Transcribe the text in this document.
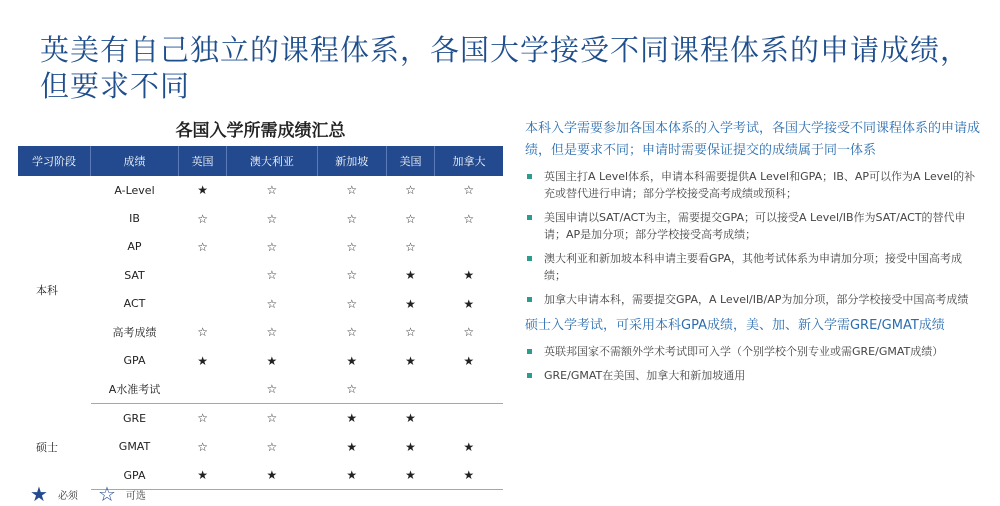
英美有自己独立的课程体系，各国大学接受不同课程体系的申请成绩，但要求不同
各国入学所需成绩汇总
学习阶段	成绩	英国	澳大利亚	新加坡	美国	加拿大
本科	A-Level	★	☆	☆	☆	☆
	IB	☆	☆	☆	☆	☆
	AP	☆	☆	☆	☆	
	SAT		☆	☆	★	★
	ACT		☆	☆	★	★
	高考成绩	☆	☆	☆	☆	☆
	GPA	★	★	★	★	★
	A水准考试		☆	☆		
硕士	GRE	☆	☆	★	★	
	GMAT	☆	☆	★	★	★
	GPA	★	★	★	★	★
★ 必须 ☆ 可选
本科入学需要参加各国本体系的入学考试，各国大学接受不同课程体系的申请成绩，但是要求不同；申请时需要保证提交的成绩属于同一体系
英国主打A Level体系，申请本科需要提供A Level和GPA；IB、AP可以作为A Level的补充或替代进行申请；部分学校接受高考成绩或预科；
美国申请以SAT/ACT为主，需要提交GPA；可以接受A Level/IB作为SAT/ACT的替代申请；AP是加分项；部分学校接受高考成绩；
澳大利亚和新加坡本科申请主要看GPA，其他考试体系为申请加分项；接受中国高考成绩；
加拿大申请本科，需要提交GPA，A Level/IB/AP为加分项，部分学校接受中国高考成绩
硕士入学考试，可采用本科GPA成绩，美、加、新入学需GRE/GMAT成绩
英联邦国家不需额外学术考试即可入学（个别学校个别专业或需GRE/GMAT成绩）
GRE/GMAT在美国、加拿大和新加坡通用
